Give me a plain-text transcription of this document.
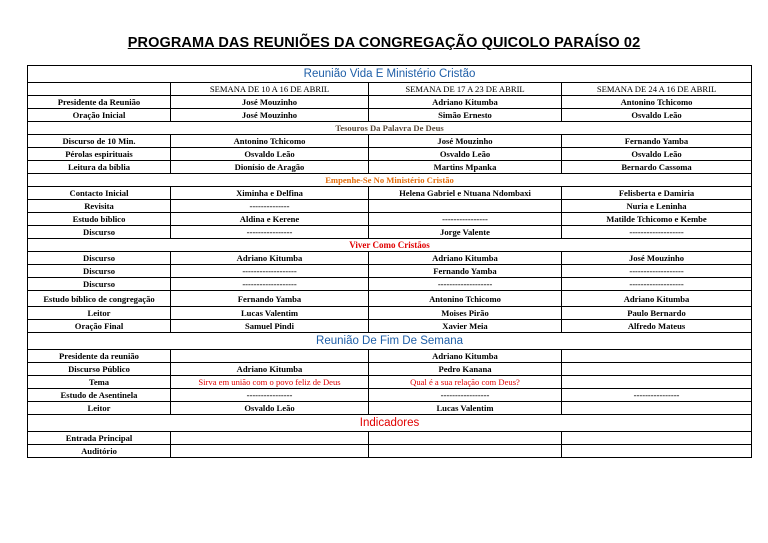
PROGRAMA DAS REUNIÕES DA CONGREGAÇÃO QUICOLO PARAÍSO 02
Reunião Vida E Ministério Cristão			
	SEMANA DE 10 A 16 DE ABRIL	SEMANA DE 17 A 23 DE ABRIL	SEMANA DE 24 A 16 DE ABRIL
Presidente da Reunião	José Mouzinho	Adriano Kitumba	Antonino Tchicomo
Oração Inicial	José Mouzinho	Simão Ernesto	Osvaldo Leão
Tesouros Da Palavra De Deus			
Discurso de 10 Min.	Antonino Tchicomo	José Mouzinho	Fernando Yamba
Pérolas espirituais	Osvaldo Leão	Osvaldo Leão	Osvaldo Leão
Leitura da bíblia	Dionísio de Aragão	Martins Mpanka	Bernardo Cassoma
Empenhe-Se No Ministério Cristão			
Contacto Inicial	Ximinha e Delfina	Helena Gabriel e Ntuana Ndombaxi	Felisberta e Damiria
Revisita	--------------		Nuria e Leninha
Estudo bíblico	Aldina e Kerene	----------------	Matilde Tchicomo e Kembe
Discurso	----------------	Jorge Valente	-------------------
Viver Como Cristãos			
Discurso	Adriano Kitumba	Adriano Kitumba	José Mouzinho
Discurso	-------------------	Fernando Yamba	-------------------
Discurso	-------------------	-------------------	-------------------
Estudo bíblico de congregação	Fernando Yamba	Antonino Tchicomo	Adriano Kitumba
Leitor	Lucas Valentim	Moises Pirão	Paulo Bernardo
Oração Final	Samuel Pindi	Xavier Meia	Alfredo Mateus
Reunião De Fim De Semana			
Presidente da reunião		Adriano Kitumba	
Discurso Público	Adriano Kitumba	Pedro Kanana	
Tema	Sirva em união com o povo feliz de Deus	Qual é a sua relação com Deus?	
Estudo de Asentinela	----------------	-----------------	----------------
Leitor	Osvaldo Leão	Lucas Valentim	
Indicadores			
Entrada Principal			
Auditório			
